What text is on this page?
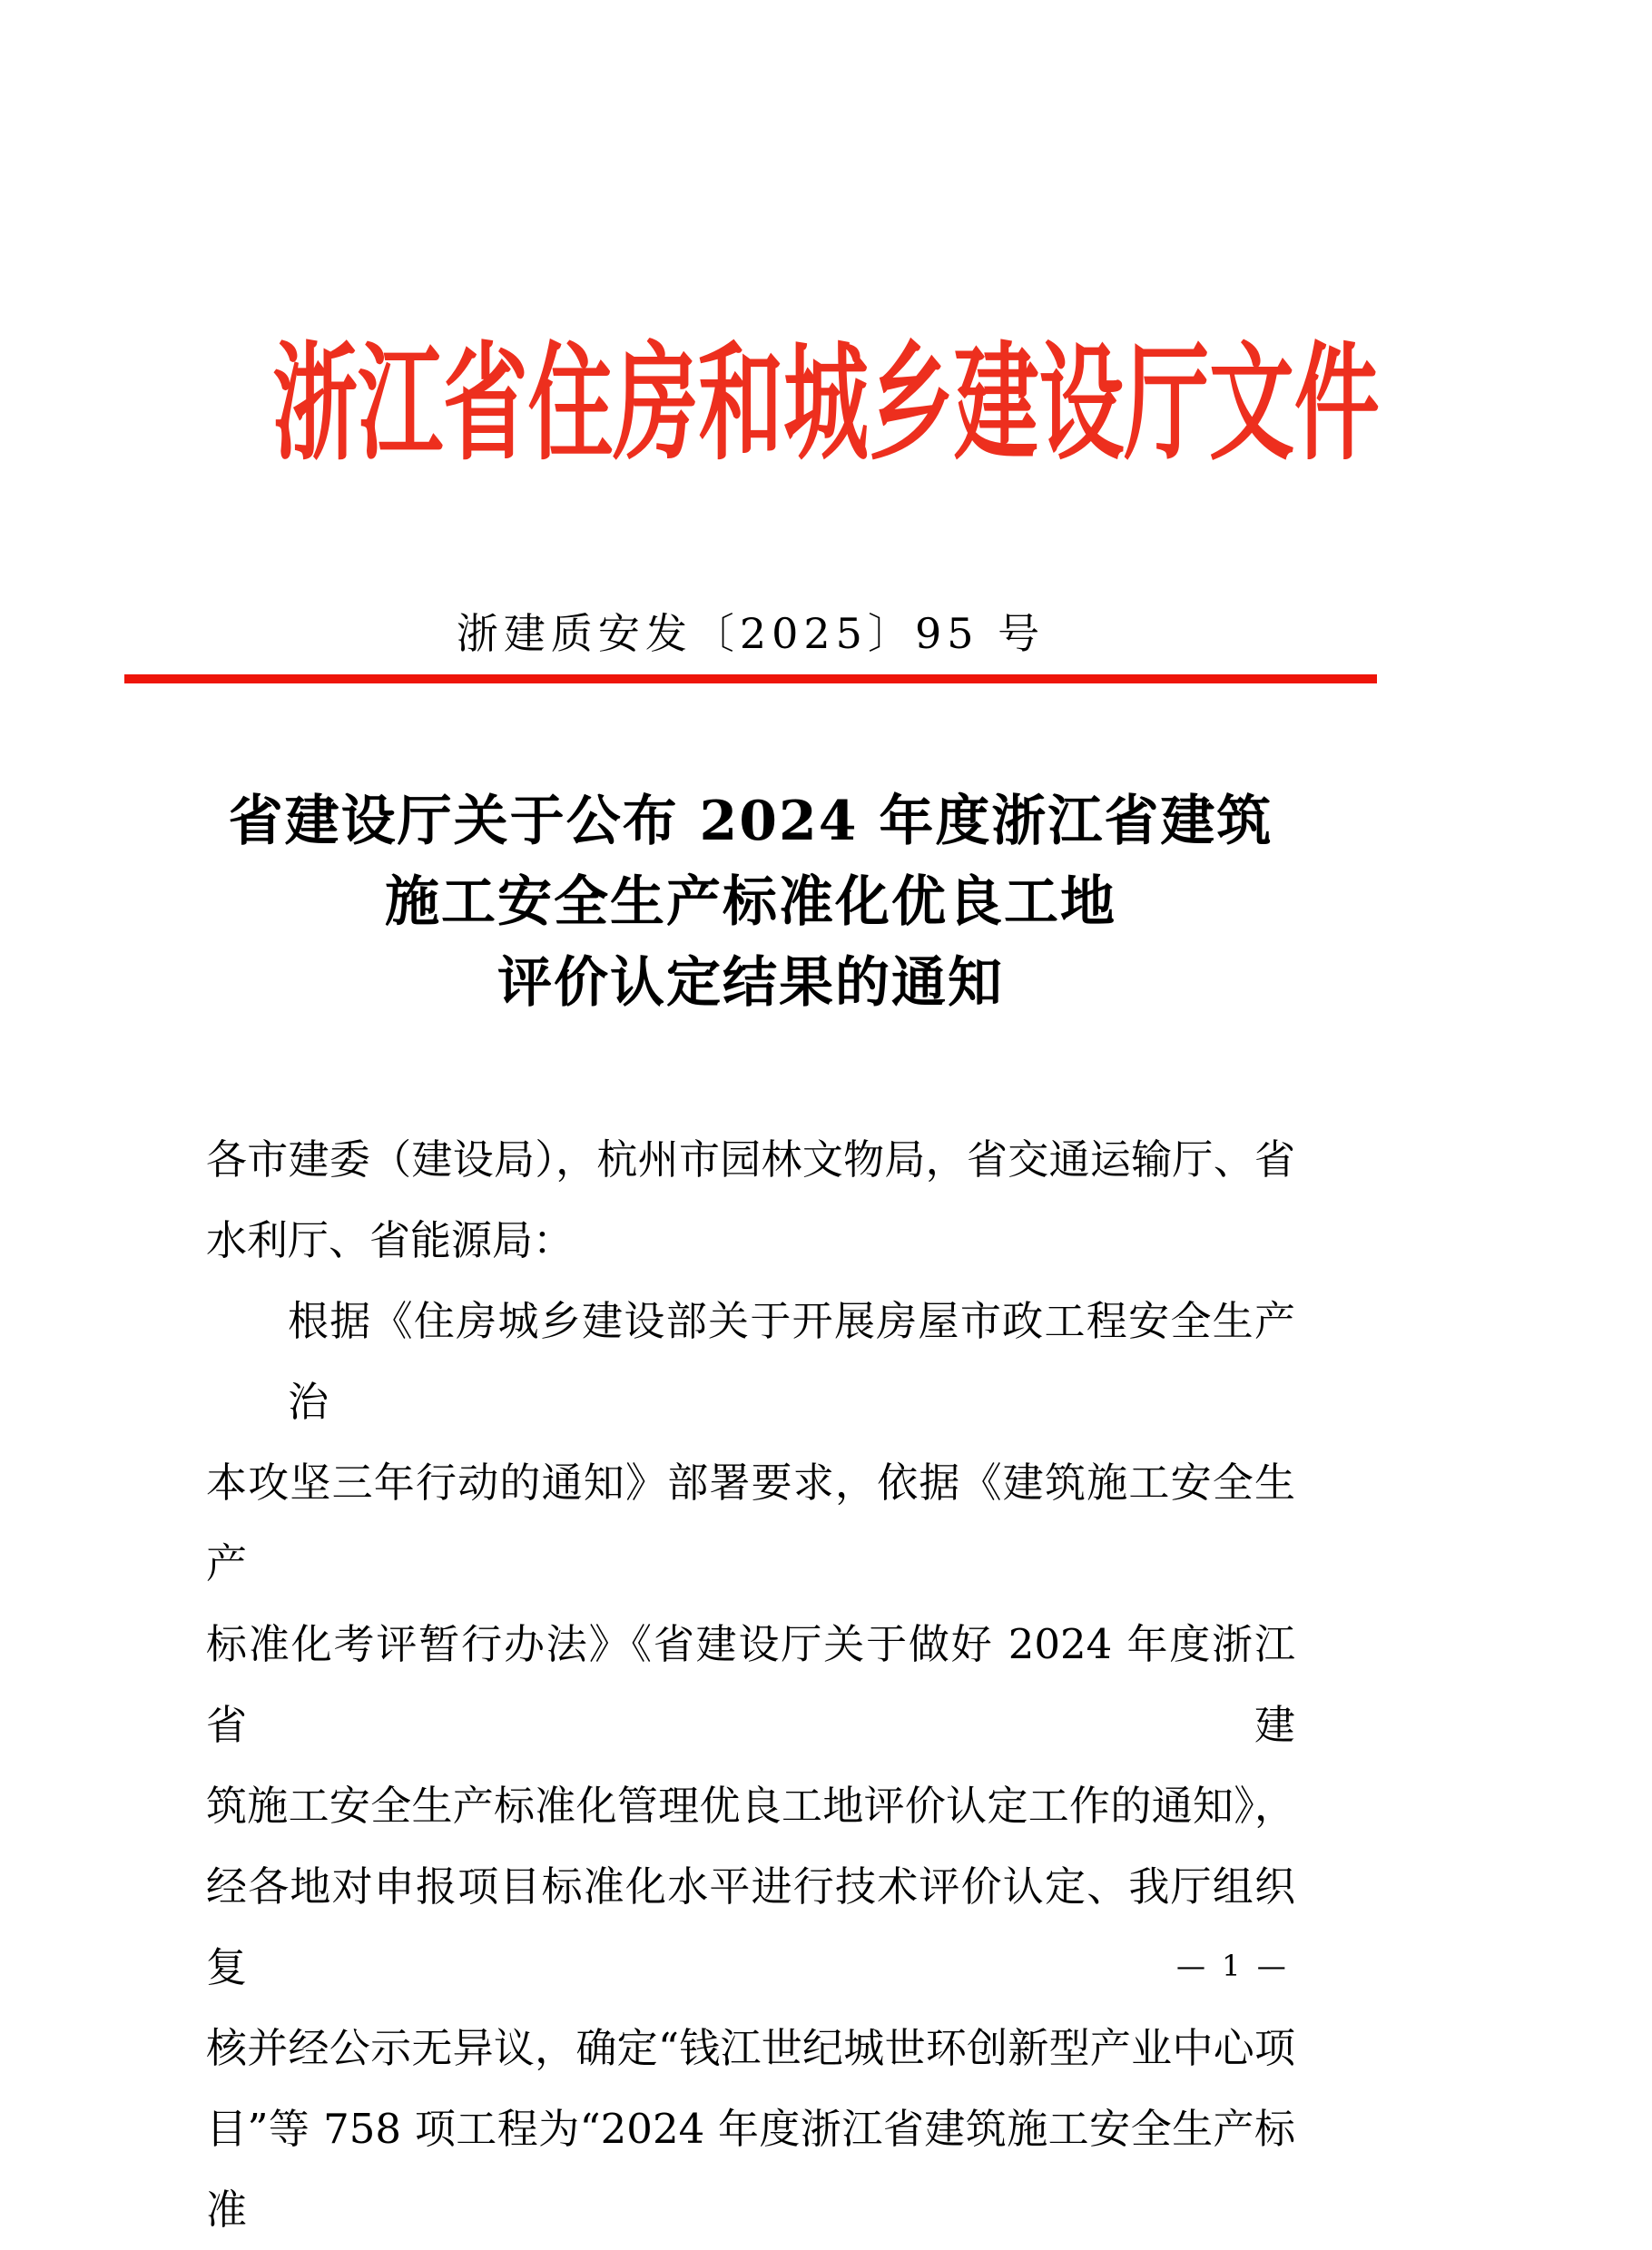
浙江省住房和城乡建设厅文件
浙建质安发〔2025〕95 号
省建设厅关于公布 2024 年度浙江省建筑
施工安全生产标准化优良工地
评价认定结果的通知
各市建委（建设局），杭州市园林文物局，省交通运输厅、省
水利厅、省能源局：
根据《住房城乡建设部关于开展房屋市政工程安全生产治
本攻坚三年行动的通知》部署要求，依据《建筑施工安全生产
标准化考评暂行办法》《省建设厅关于做好 2024 年度浙江省建
筑施工安全生产标准化管理优良工地评价认定工作的通知》，
经各地对申报项目标准化水平进行技术评价认定、我厅组织复
核并经公示无异议，确定“钱江世纪城世环创新型产业中心项
目”等 758 项工程为“2024 年度浙江省建筑施工安全生产标准
— 1 —
